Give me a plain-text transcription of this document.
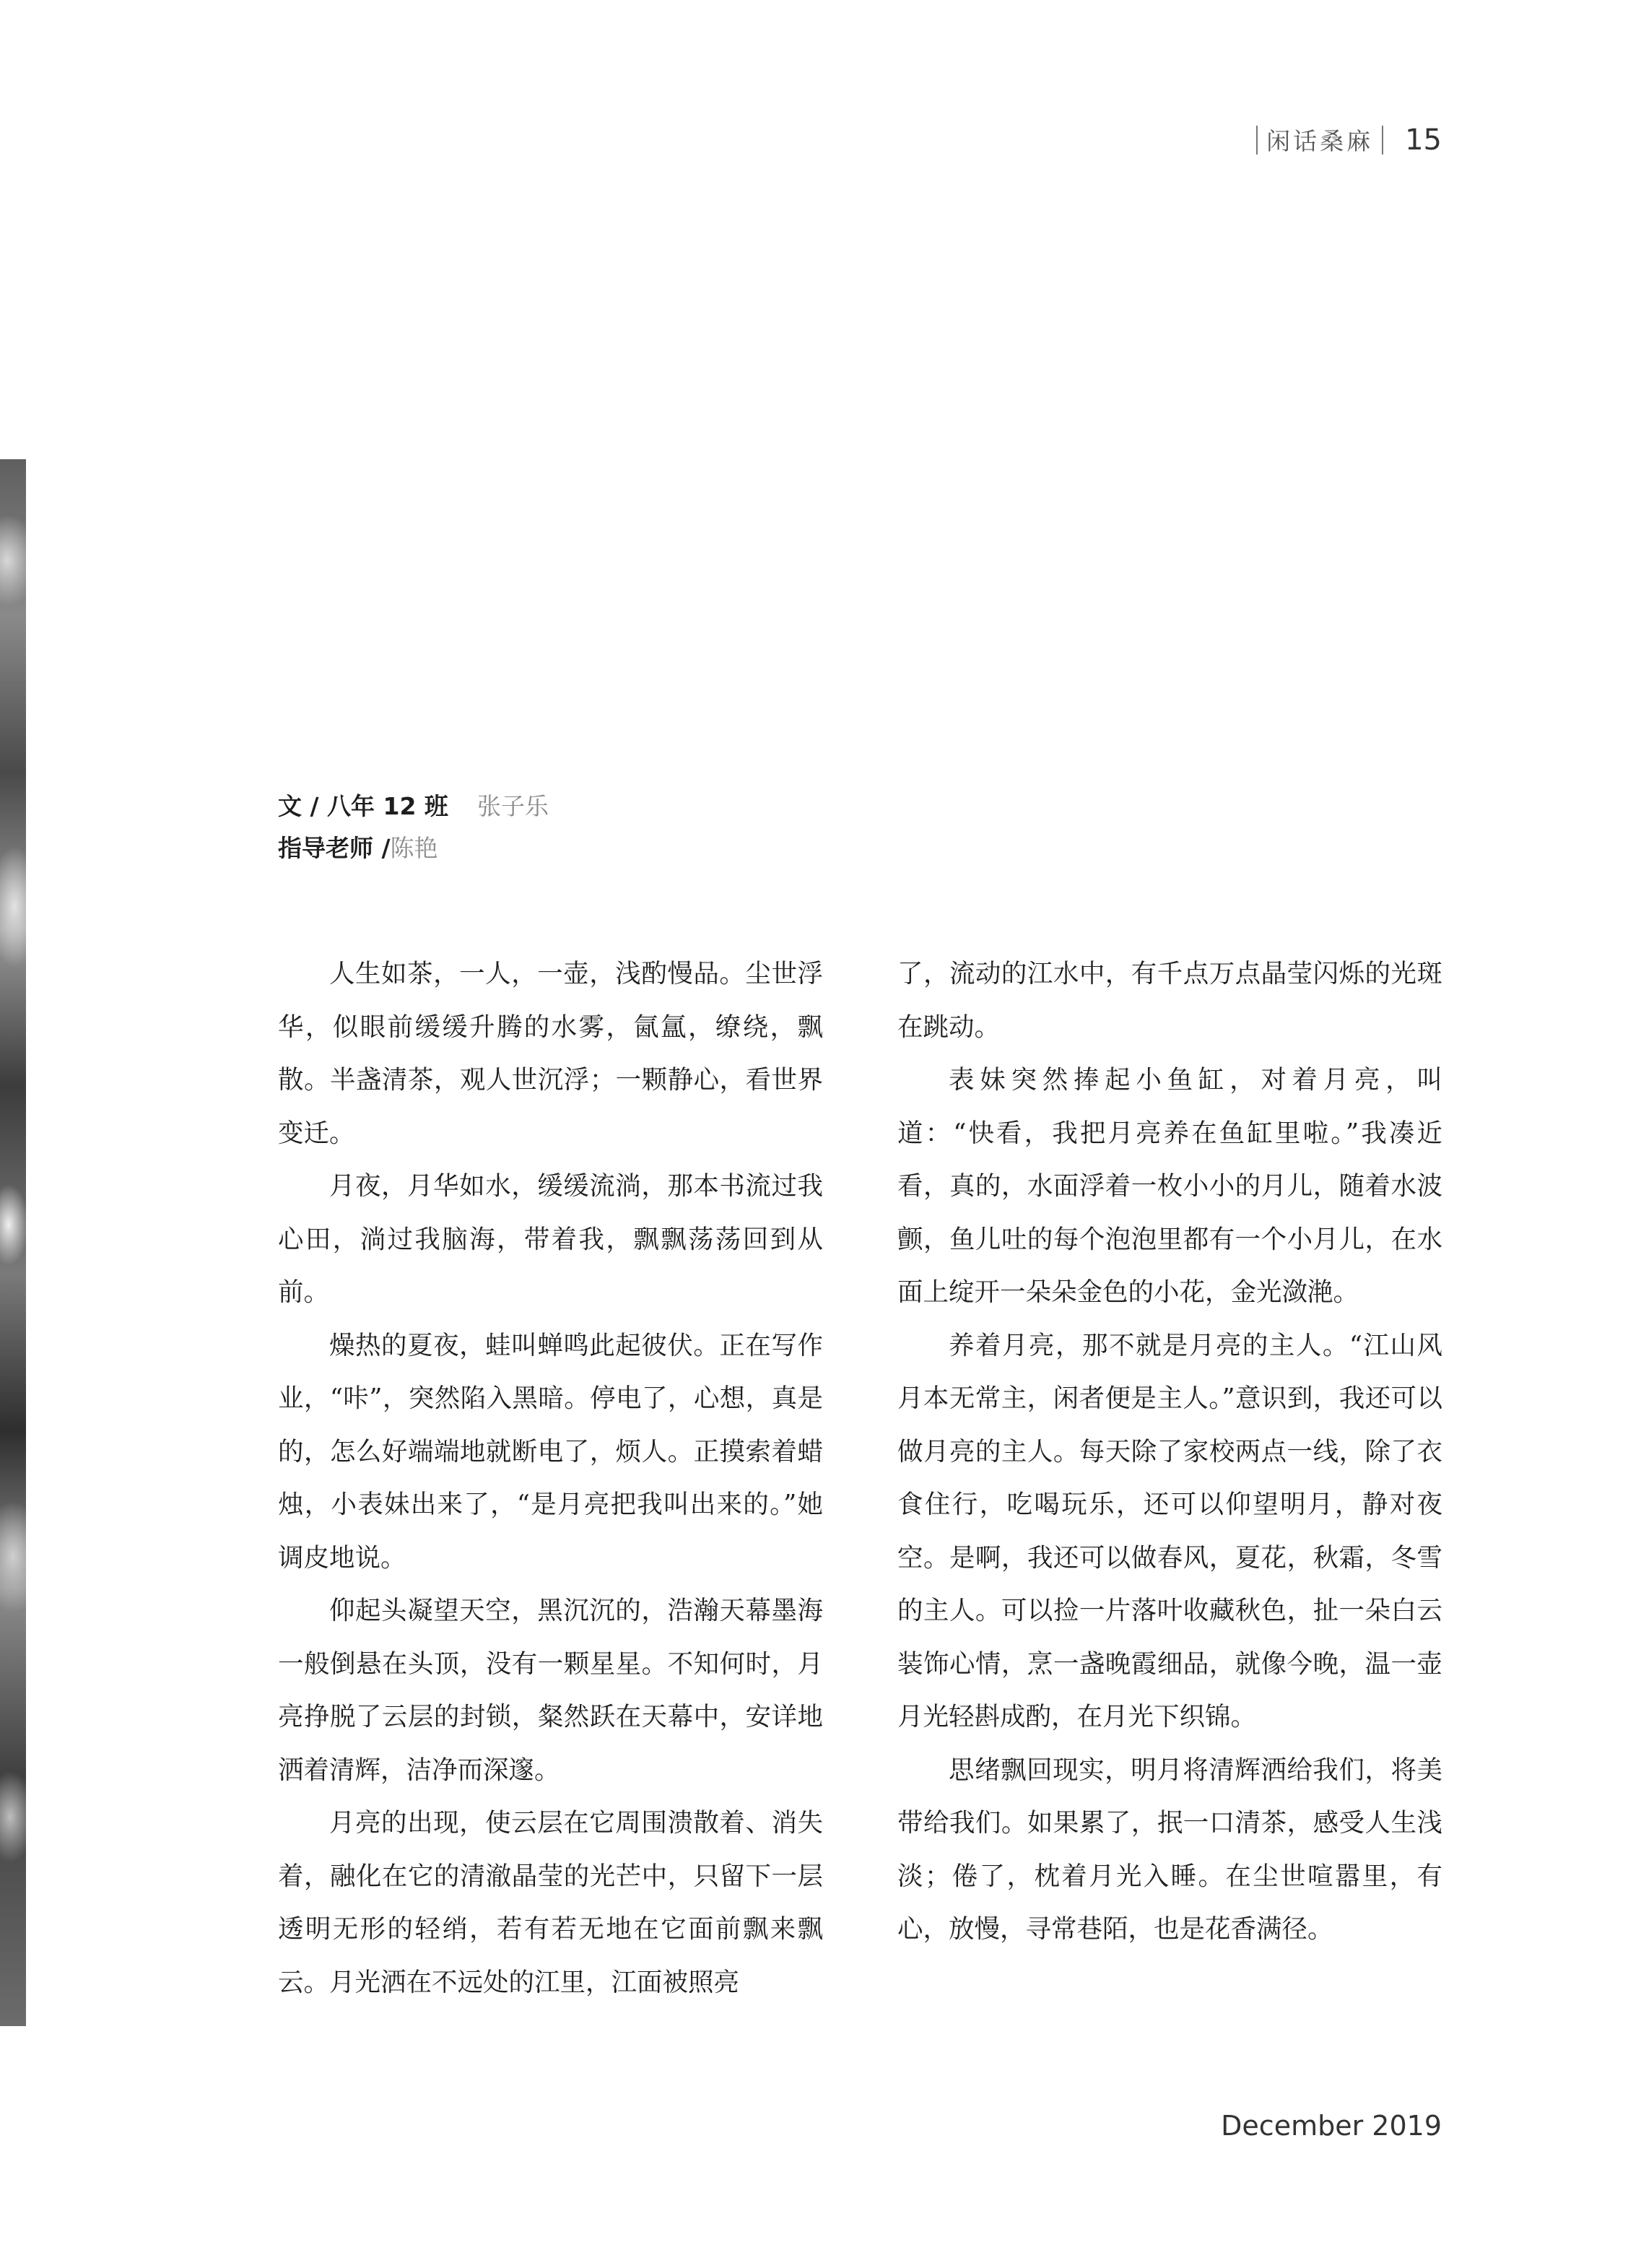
闲话桑麻	15
文 / 八年 12 班 张子乐
指导老师 /陈艳

人生如茶，一人，一壶，浅酌慢品。尘世浮华，似眼前缓缓升腾的水雾，氤氲，缭绕，飘散。半盏清茶，观人世沉浮；一颗静心，看世界变迁。

月夜，月华如水，缓缓流淌，那本书流过我心田，淌过我脑海，带着我，飘飘荡荡回到从前。

燥热的夏夜，蛙叫蝉鸣此起彼伏。正在写作业，“咔”，突然陷入黑暗。停电了，心想，真是的，怎么好端端地就断电了，烦人。正摸索着蜡烛，小表妹出来了，“是月亮把我叫出来的。”她调皮地说。

仰起头凝望天空，黑沉沉的，浩瀚天幕墨海一般倒悬在头顶，没有一颗星星。不知何时，月亮挣脱了云层的封锁，粲然跃在天幕中，安详地洒着清辉，洁净而深邃。

月亮的出现，使云层在它周围溃散着、消失着，融化在它的清澈晶莹的光芒中，只留下一层透明无形的轻绡，若有若无地在它面前飘来飘云。月光洒在不远处的江里，江面被照亮

了，流动的江水中，有千点万点晶莹闪烁的光斑在跳动。

表妹突然捧起小鱼缸，对着月亮，叫道：“快看，我把月亮养在鱼缸里啦。”我凑近看，真的，水面浮着一枚小小的月儿，随着水波颤，鱼儿吐的每个泡泡里都有一个小月儿，在水面上绽开一朵朵金色的小花，金光潋滟。

养着月亮，那不就是月亮的主人。“江山风月本无常主，闲者便是主人。”意识到，我还可以做月亮的主人。每天除了家校两点一线，除了衣食住行，吃喝玩乐，还可以仰望明月，静对夜空。是啊，我还可以做春风，夏花，秋霜，冬雪的主人。可以捡一片落叶收藏秋色，扯一朵白云装饰心情，烹一盏晚霞细品，就像今晚，温一壶月光轻斟成酌，在月光下织锦。

思绪飘回现实，明月将清辉洒给我们，将美带给我们。如果累了，抿一口清茶，感受人生浅淡；倦了，枕着月光入睡。在尘世喧嚣里，有心，放慢，寻常巷陌，也是花香满径。

December 2019
